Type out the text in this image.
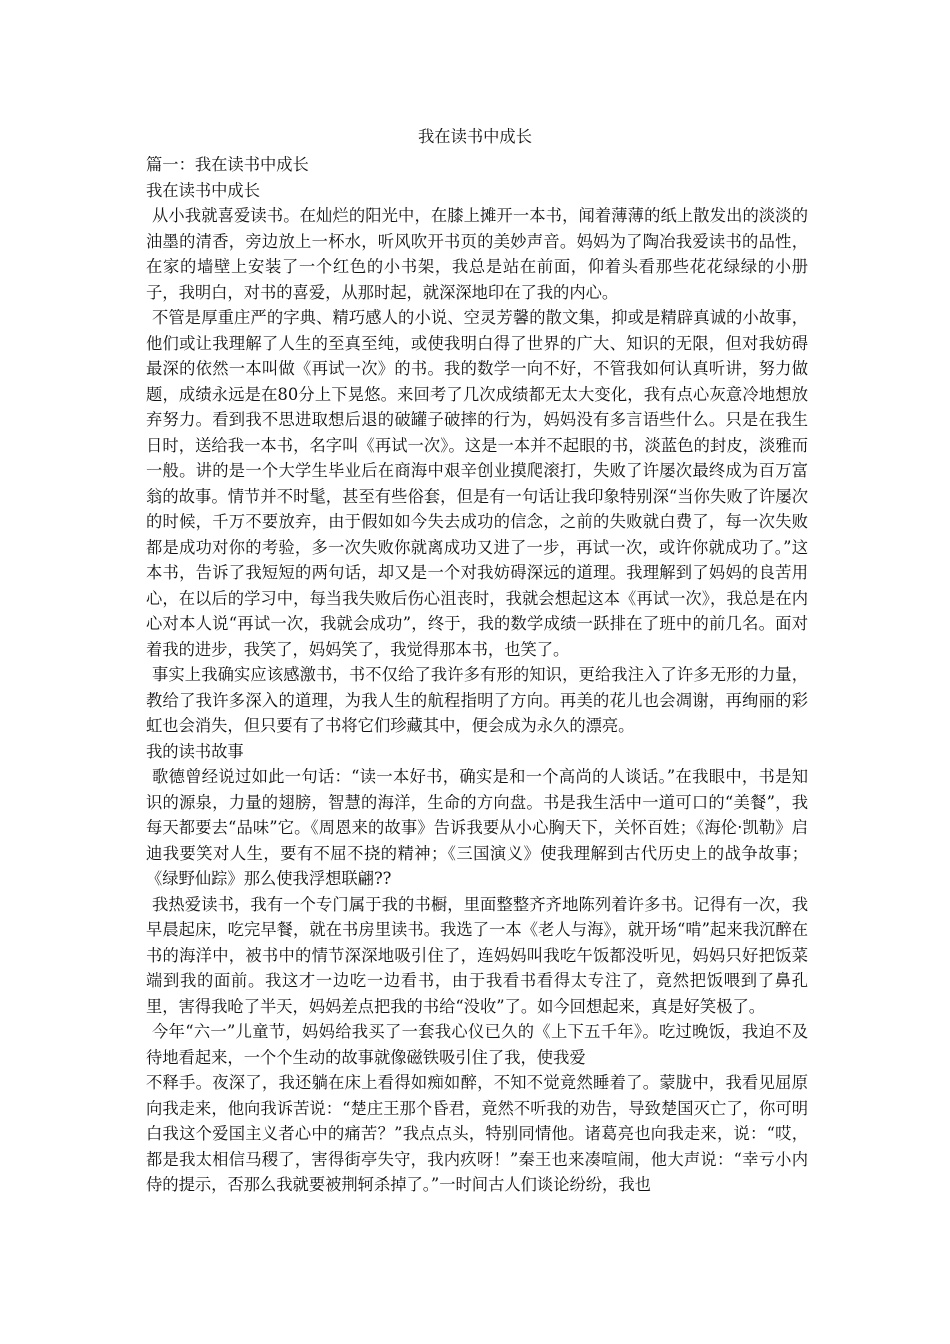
我在读书中成长

篇一：我在读书中成长

我在读书中成长

从小我就喜爱读书。在灿烂的阳光中，在膝上摊开一本书，闻着薄薄的纸上散发出的淡淡的油墨的清香，旁边放上一杯水，听风吹开书页的美妙声音。妈妈为了陶冶我爱读书的品性，在家的墙壁上安装了一个红色的小书架，我总是站在前面，仰着头看那些花花绿绿的小册子，我明白，对书的喜爱，从那时起，就深深地印在了我的内心。

不管是厚重庄严的字典、精巧感人的小说、空灵芳馨的散文集，抑或是精辟真诚的小故事，他们或让我理解了人生的至真至纯，或使我明白得了世界的广大、知识的无限，但对我妨碍最深的依然一本叫做《再试一次》的书。我的数学一向不好，不管我如何认真听讲，努力做题，成绩永远是在80分上下晃悠。来回考了几次成绩都无太大变化，我有点心灰意冷地想放弃努力。看到我不思进取想后退的破罐子破摔的行为，妈妈没有多言语些什么。只是在我生日时，送给我一本书，名字叫《再试一次》。这是一本并不起眼的书，淡蓝色的封皮，淡雅而一般。讲的是一个大学生毕业后在商海中艰辛创业摸爬滚打，失败了许屡次最终成为百万富翁的故事。情节并不时髦，甚至有些俗套，但是有一句话让我印象特别深“当你失败了许屡次的时候，千万不要放弃，由于假如如今失去成功的信念，之前的失败就白费了，每一次失败都是成功对你的考验，多一次失败你就离成功又进了一步，再试一次，或许你就成功了。”这本书，告诉了我短短的两句话，却又是一个对我妨碍深远的道理。我理解到了妈妈的良苦用心，在以后的学习中，每当我失败后伤心沮丧时，我就会想起这本《再试一次》，我总是在内心对本人说“再试一次，我就会成功”，终于，我的数学成绩一跃排在了班中的前几名。面对着我的进步，我笑了，妈妈笑了，我觉得那本书，也笑了。

事实上我确实应该感激书，书不仅给了我许多有形的知识，更给我注入了许多无形的力量，教给了我许多深入的道理，为我人生的航程指明了方向。再美的花儿也会凋谢，再绚丽的彩虹也会消失，但只要有了书将它们珍藏其中，便会成为永久的漂亮。

我的读书故事

歌德曾经说过如此一句话：“读一本好书，确实是和一个高尚的人谈话。”在我眼中，书是知识的源泉，力量的翅膀，智慧的海洋，生命的方向盘。书是我生活中一道可口的“美餐”，我每天都要去“品味”它。《周恩来的故事》告诉我要从小心胸天下，关怀百姓；《海伦·凯勒》启迪我要笑对人生，要有不屈不挠的精神；《三国演义》使我理解到古代历史上的战争故事；《绿野仙踪》那么使我浮想联翩??

我热爱读书，我有一个专门属于我的书橱，里面整整齐齐地陈列着许多书。记得有一次，我早晨起床，吃完早餐，就在书房里读书。我选了一本《老人与海》，就开场“啃”起来我沉醉在书的海洋中，被书中的情节深深地吸引住了，连妈妈叫我吃午饭都没听见，妈妈只好把饭菜端到我的面前。我这才一边吃一边看书，由于我看书看得太专注了，竟然把饭喂到了鼻孔里，害得我呛了半天，妈妈差点把我的书给“没收”了。如今回想起来，真是好笑极了。

今年“六一”儿童节，妈妈给我买了一套我心仪已久的《上下五千年》。吃过晚饭，我迫不及待地看起来，一个个生动的故事就像磁铁吸引住了我，使我爱

不释手。夜深了，我还躺在床上看得如痴如醉，不知不觉竟然睡着了。蒙胧中，我看见屈原向我走来，他向我诉苦说：“楚庄王那个昏君，竟然不听我的劝告，导致楚国灭亡了，你可明白我这个爱国主义者心中的痛苦？”我点点头，特别同情他。诸葛亮也向我走来，说：“哎，都是我太相信马稷了，害得街亭失守，我内疚呀！”秦王也来凑喧闹，他大声说：“幸亏小内侍的提示，否那么我就要被荆轲杀掉了。”一时间古人们谈论纷纷，我也
